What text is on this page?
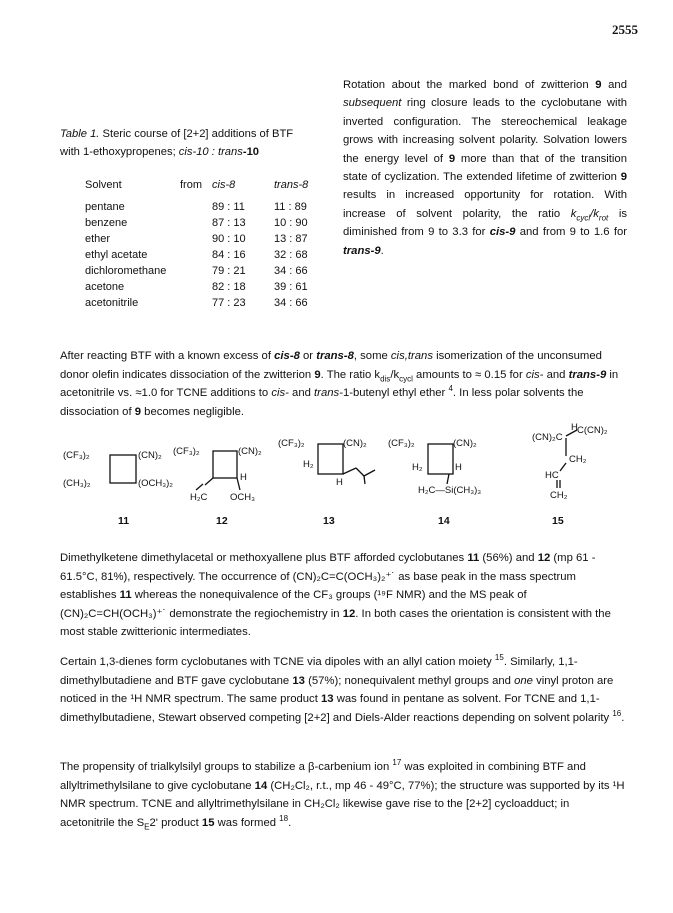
2555
Table 1. Steric course of [2+2] additions of BTF with 1-ethoxypropenes; cis-10 : trans-10
Solvent	from	cis-8	trans-8

pentane		89 : 11	11 : 89
benzene		87 : 13	10 : 90
ether		90 : 10	13 : 87
ethyl acetate		84 : 16	32 : 68
dichloromethane		79 : 21	34 : 66
acetone		82 : 18	39 : 61
acetonitrile		77 : 23	34 : 66
Rotation about the marked bond of zwitterion 9 and subsequent ring closure leads to the cyclobutane with inverted configuration. The stereochemical leakage grows with increasing solvent polarity. Solvation lowers the energy level of 9 more than that of the transition state of cyclization. The extended lifetime of zwitterion 9 results in increased opportunity for rotation. With increase of solvent polarity, the ratio $k_{cycl}/k_{rot}$ is diminished from 9 to 3.3 for cis-9 and from 9 to 1.6 for trans-9.
After reacting BTF with a known excess of cis-8 or trans-8, some cis,trans isomerization of the unconsumed donor olefin indicates dissociation of the zwitterion 9. The ratio $k_{dis}/k_{cycl}$ amounts to ≈ 0.15 for cis- and trans-9 in acetonitrile vs. ≈1.0 for TCNE additions to cis- and trans-1-butenyl ethyl ether $^4$. In less polar solvents the dissociation of 9 becomes negligible.
(CF₃)₂	(CN)₂
(CH₃)₂	(OCH₃)₂
(CF₃)₂	(CN)₂
H
H₂C OCH₃
(CF₃)₂	(CN)₂
H₂
H
(CF₃)₂	(CN)₂
H₂	H
H₂C—Si(CH₃)₃
H
(CN)₂C
C(CN)₂
CH₂
HC
CH₂
11	12	13	14	15
Dimethylketene dimethylacetal or methoxyallene plus BTF afforded cyclobutanes 11 (56%) and 12 (mp 61 - 61.5°C, 81%), respectively. The occurrence of (CN)₂C=C(OCH₃)₂⁺˙ as base peak in the mass spectrum establishes 11 whereas the nonequivalence of the CF₃ groups (¹⁹F NMR) and the MS peak of (CN)₂C=CH(OCH₃)⁺˙ demonstrate the regiochemistry in 12. In both cases the orientation is consistent with the most stable zwitterionic intermediates.
Certain 1,3-dienes form cyclobutanes with TCNE via dipoles with an allyl cation moiety $^{15}$. Similarly, 1,1-dimethylbutadiene and BTF gave cyclobutane 13 (57%); nonequivalent methyl groups and one vinyl proton are noticed in the ¹H NMR spectrum. The same product 13 was found in pentane as solvent. For TCNE and 1,1-dimethylbutadiene, Stewart observed competing [2+2] and Diels-Alder reactions depending on solvent polarity $^{16}$.
The propensity of trialkylsilyl groups to stabilize a β-carbenium ion $^{17}$ was exploited in combining BTF and allyltrimethylsilane to give cyclobutane 14 (CH₂Cl₂, r.t., mp 46 - 49°C, 77%); the structure was supported by its ¹H NMR spectrum. TCNE and allyltrimethylsilane in CH₂Cl₂ likewise gave rise to the [2+2] cycloadduct; in acetonitrile the $S_E2'$ product 15 was formed $^{18}$.
